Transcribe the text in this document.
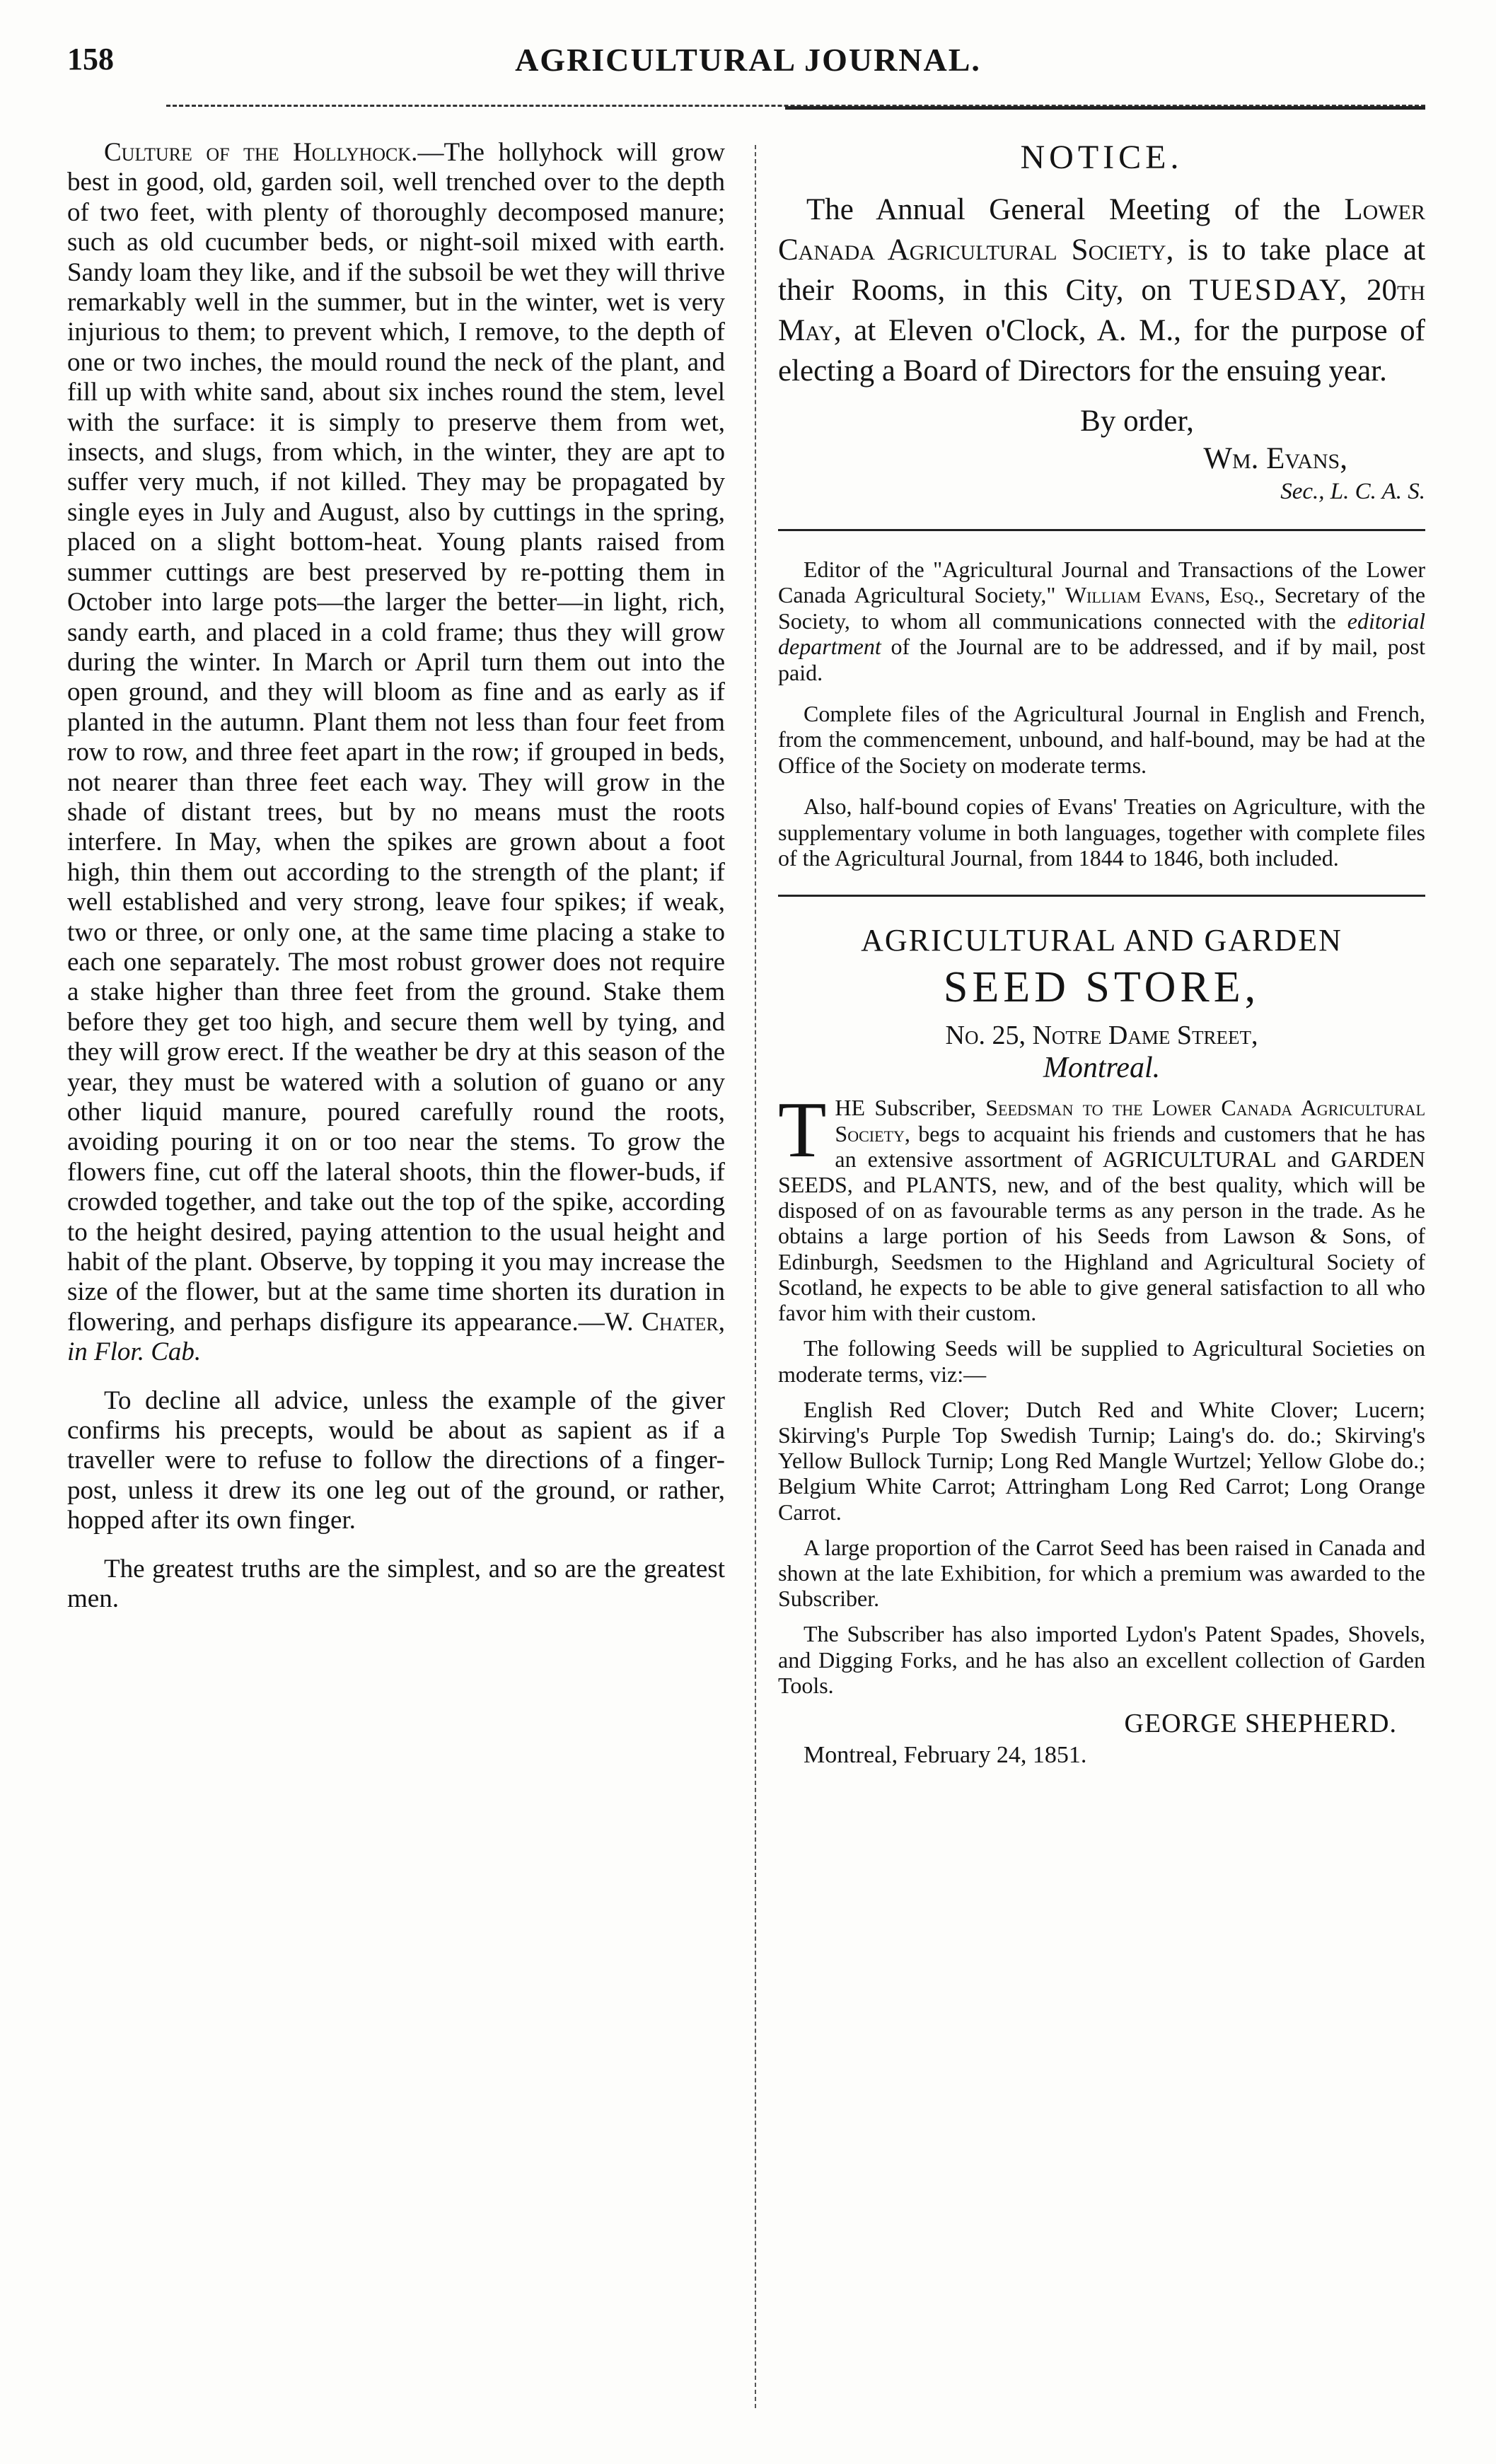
158	AGRICULTURAL JOURNAL.

Culture of the Hollyhock.—The hollyhock will grow best in good, old, garden soil, well trenched over to the depth of two feet, with plenty of thoroughly decomposed manure; such as old cucumber beds, or night-soil mixed with earth. Sandy loam they like, and if the subsoil be wet they will thrive remarkably well in the summer, but in the winter, wet is very injurious to them; to prevent which, I remove, to the depth of one or two inches, the mould round the neck of the plant, and fill up with white sand, about six inches round the stem, level with the surface: it is simply to preserve them from wet, insects, and slugs, from which, in the winter, they are apt to suffer very much, if not killed. They may be propagated by single eyes in July and August, also by cuttings in the spring, placed on a slight bottom-heat. Young plants raised from summer cuttings are best preserved by re-potting them in October into large pots—the larger the better—in light, rich, sandy earth, and placed in a cold frame; thus they will grow during the winter. In March or April turn them out into the open ground, and they will bloom as fine and as early as if planted in the autumn. Plant them not less than four feet from row to row, and three feet apart in the row; if grouped in beds, not nearer than three feet each way. They will grow in the shade of distant trees, but by no means must the roots interfere. In May, when the spikes are grown about a foot high, thin them out according to the strength of the plant; if well established and very strong, leave four spikes; if weak, two or three, or only one, at the same time placing a stake to each one separately. The most robust grower does not require a stake higher than three feet from the ground. Stake them before they get too high, and secure them well by tying, and they will grow erect. If the weather be dry at this season of the year, they must be watered with a solution of guano or any other liquid manure, poured carefully round the roots, avoiding pouring it on or too near the stems. To grow the flowers fine, cut off the lateral shoots, thin the flower-buds, if crowded together, and take out the top of the spike, according to the height desired, paying attention to the usual height and habit of the plant. Observe, by topping it you may increase the size of the flower, but at the same time shorten its duration in flowering, and perhaps disfigure its appearance.—W. Chater, in Flor. Cab.

To decline all advice, unless the example of the giver confirms his precepts, would be about as sapient as if a traveller were to refuse to follow the directions of a finger-post, unless it drew its one leg out of the ground, or rather, hopped after its own finger.

The greatest truths are the simplest, and so are the greatest men.

NOTICE.

The Annual General Meeting of the Lower Canada Agricultural Society, is to take place at their Rooms, in this City, on TUESDAY, 20th May, at Eleven o'Clock, A. M., for the purpose of electing a Board of Directors for the ensuing year.

By order,
Wm. Evans,
Sec., L. C. A. S.

Editor of the "Agricultural Journal and Transactions of the Lower Canada Agricultural Society," William Evans, Esq., Secretary of the Society, to whom all communications connected with the editorial department of the Journal are to be addressed, and if by mail, post paid.

Complete files of the Agricultural Journal in English and French, from the commencement, unbound, and half-bound, may be had at the Office of the Society on moderate terms.

Also, half-bound copies of Evans' Treaties on Agriculture, with the supplementary volume in both languages, together with complete files of the Agricultural Journal, from 1844 to 1846, both included.

AGRICULTURAL AND GARDEN
SEED STORE,
No. 25, Notre Dame Street,
Montreal.

THE Subscriber, Seedsman to the Lower Canada Agricultural Society, begs to acquaint his friends and customers that he has an extensive assortment of AGRICULTURAL and GARDEN SEEDS, and PLANTS, new, and of the best quality, which will be disposed of on as favourable terms as any person in the trade. As he obtains a large portion of his Seeds from Lawson & Sons, of Edinburgh, Seedsmen to the Highland and Agricultural Society of Scotland, he expects to be able to give general satisfaction to all who favor him with their custom.

The following Seeds will be supplied to Agricultural Societies on moderate terms, viz:—

English Red Clover; Dutch Red and White Clover; Lucern; Skirving's Purple Top Swedish Turnip; Laing's do. do.; Skirving's Yellow Bullock Turnip; Long Red Mangle Wurtzel; Yellow Globe do.; Belgium White Carrot; Attringham Long Red Carrot; Long Orange Carrot.

A large proportion of the Carrot Seed has been raised in Canada and shown at the late Exhibition, for which a premium was awarded to the Subscriber.

The Subscriber has also imported Lydon's Patent Spades, Shovels, and Digging Forks, and he has also an excellent collection of Garden Tools.

GEORGE SHEPHERD.
Montreal, February 24, 1851.
